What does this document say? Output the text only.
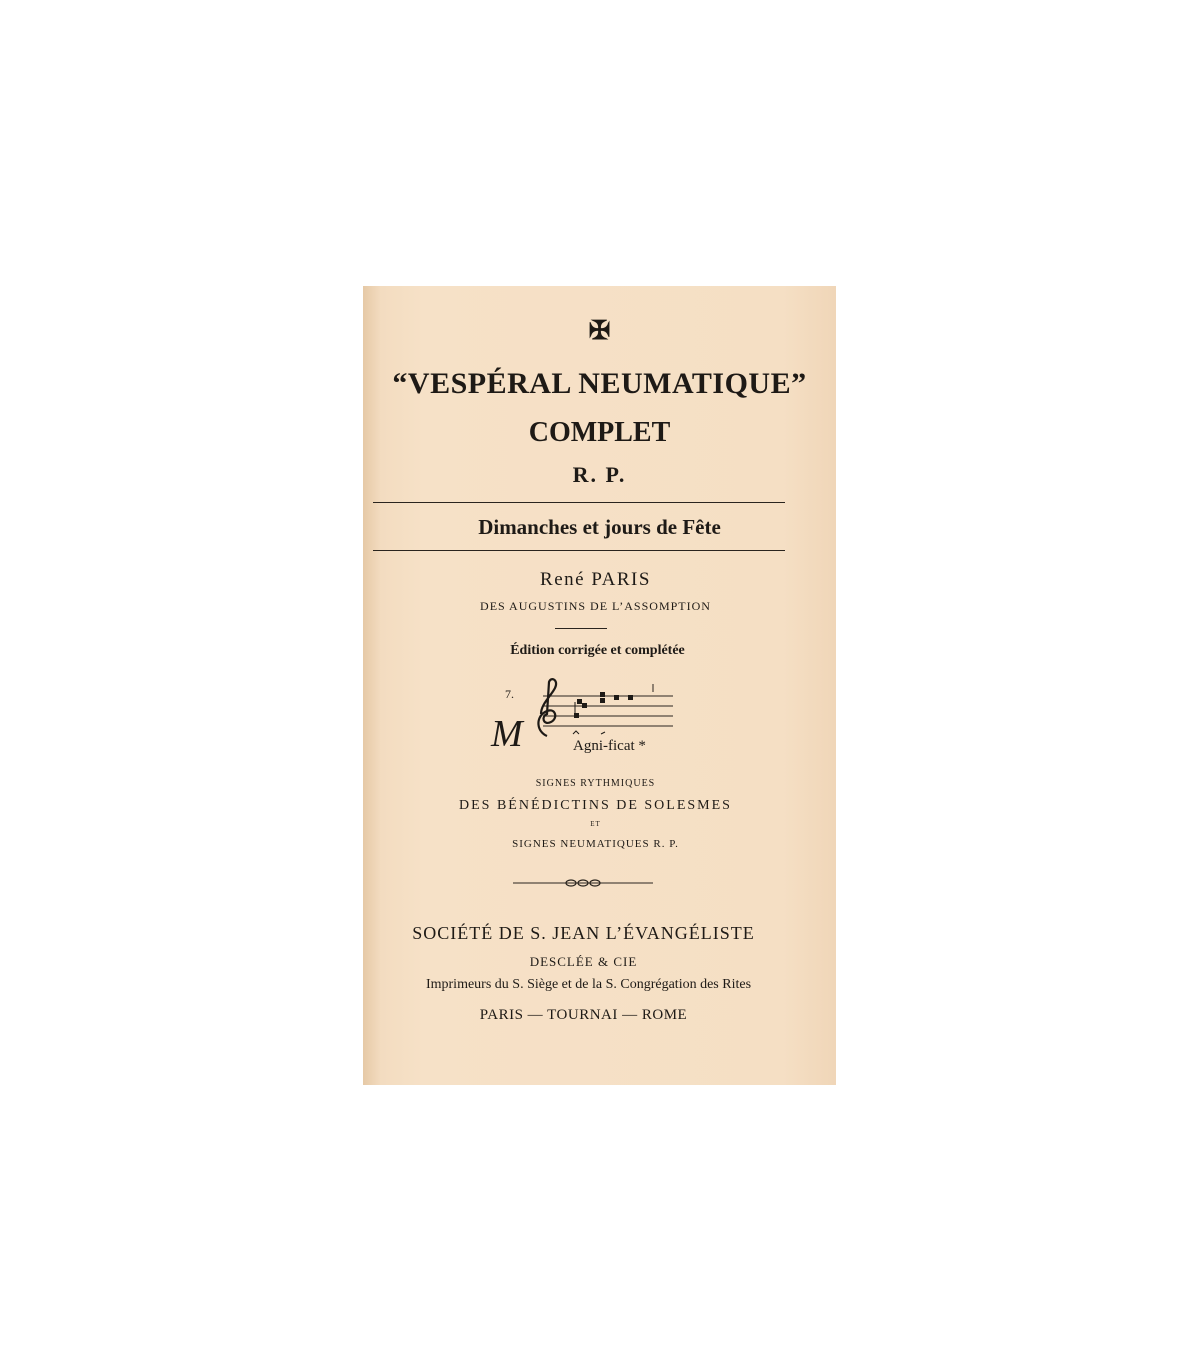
✠
“VESPÉRAL NEUMATIQUE”
COMPLET
R. P.
Dimanches et jours de Fête
René PARIS
DES AUGUSTINS DE L’ASSOMPTION
Édition corrigée et complétée
7.
M	Agni-ficat *
SIGNES RYTHMIQUES
DES BÉNÉDICTINS DE SOLESMES
ET
SIGNES NEUMATIQUES R. P.
SOCIÉTÉ DE S. JEAN L’ÉVANGÉLISTE
DESCLÉE & CIE
Imprimeurs du S. Siège et de la S. Congrégation des Rites
PARIS — TOURNAI — ROME
